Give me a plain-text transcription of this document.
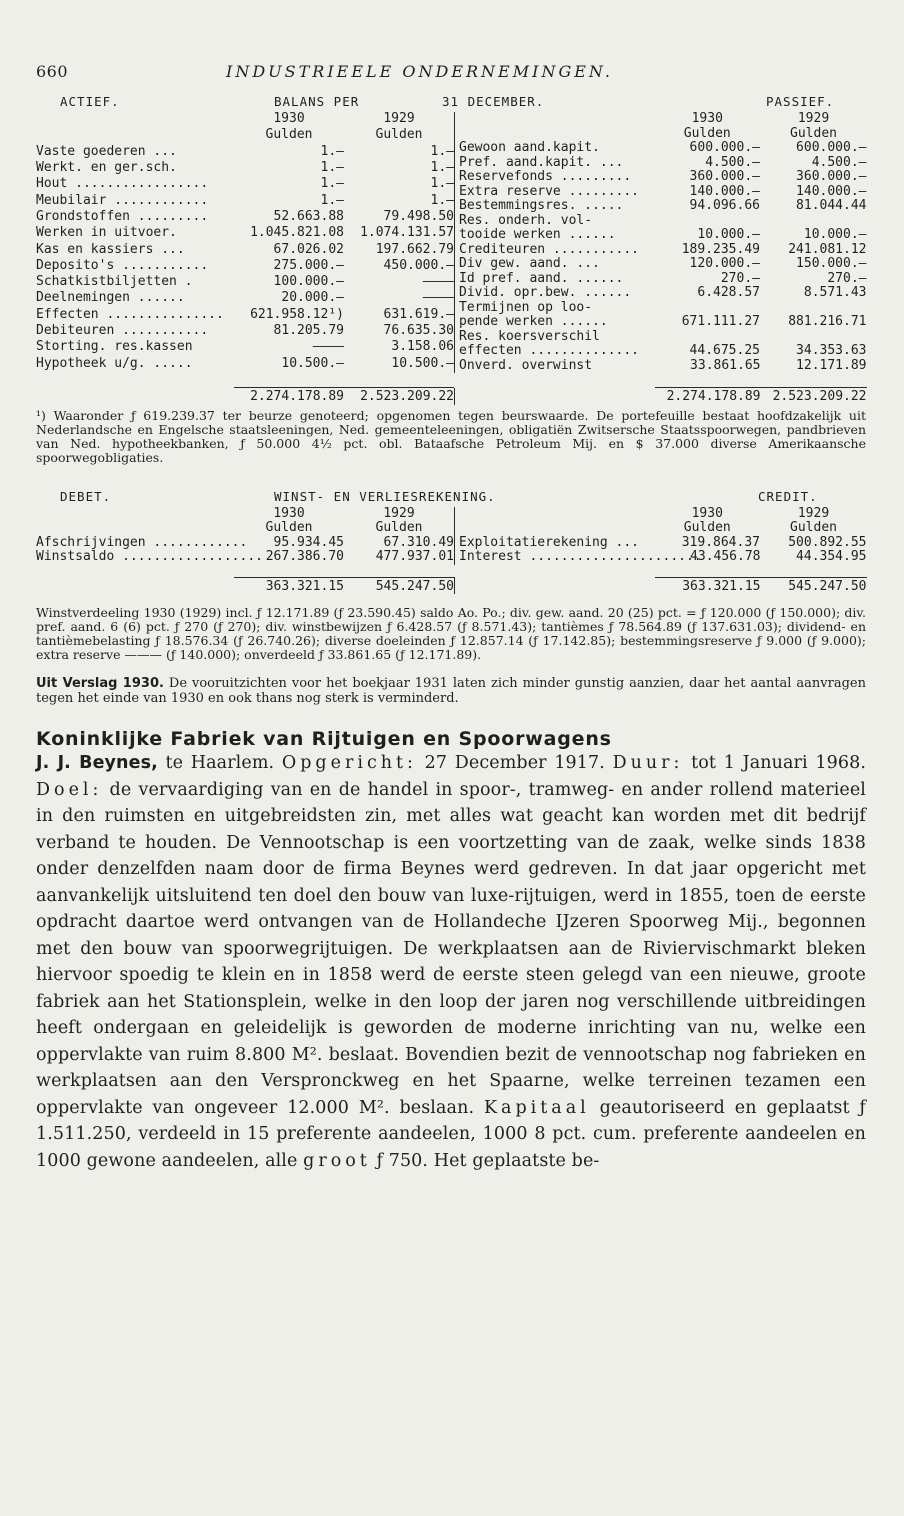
660	INDUSTRIEELE ONDERNEMINGEN.
ACTIEF.	BALANS PER	31 DECEMBER.	PASSIEF.
	1930	1929
	Gulden	Gulden
Vaste goederen ...	1.—	1.—
Werkt. en ger.sch.	1.—	1.—
Hout .................	1.—	1.—
Meubilair ............	1.—	1.—
Grondstoffen .........	52.663.88	79.498.50
Werken in uitvoer.	1.045.821.08	1.074.131.57
Kas en kassiers ...	67.026.02	197.662.79
Deposito's ...........	275.000.—	450.000.—
Schatkistbiljetten .	100.000.—	————
Deelnemingen ......	20.000.—	————
Effecten ...............	621.958.12¹)	631.619.—
Debiteuren ...........	81.205.79	76.635.30
Storting. res.kassen	————	3.158.06
Hypotheek u/g. .....	10.500.—	10.500.—
	1930	1929
	Gulden	Gulden
Gewoon aand.kapit.	600.000.—	600.000.—
Pref. aand.kapit. ...	4.500.—	4.500.—
Reservefonds .........	360.000.—	360.000.—
Extra reserve .........	140.000.—	140.000.—
Bestemmingsres. .....	94.096.66	81.044.44
Res. onderh. vol-		
tooide werken ......	10.000.—	10.000.—
Crediteuren ...........	189.235.49	241.081.12
Div gew. aand. ...	120.000.—	150.000.—
Id pref. aand. ......	270.—	270.—
Divid. opr.bew. ......	6.428.57	8.571.43
Termijnen op loo-		
pende werken ......	671.111.27	881.216.71
Res. koersverschil		
effecten ..............	44.675.25	34.353.63
Onverd. overwinst	33.861.65	12.171.89
	2.274.178.89	2.523.209.22
		2.274.178.89	2.523.209.22
¹) Waaronder ƒ 619.239.37 ter beurze genoteerd; opgenomen tegen beurswaarde. De portefeuille bestaat hoofdzakelijk uit Nederlandsche en Engelsche staatsleeningen, Ned. gemeenteleeningen, obligatiën Zwitsersche Staatsspoorwegen, pandbrieven van Ned. hypotheekbanken, ƒ 50.000 4½ pct. obl. Bataafsche Petroleum Mij. en $ 37.000 diverse Amerikaansche spoorwegobligaties.
DEBET.	WINST- EN VERLIESREKENING.	CREDIT.
	1930	1929
	Gulden	Gulden
Afschrijvingen ............	95.934.45	67.310.49
Winstsaldo ..................	267.386.70	477.937.01
	1930	1929
	Gulden	Gulden
Exploitatierekening ...	319.864.37	500.892.55
Interest ......................	43.456.78	44.354.95
	363.321.15	545.247.50
		363.321.15	545.247.50
Winstverdeeling 1930 (1929) incl. ƒ 12.171.89 (ƒ 23.590.45) saldo Ao. Po.; div. gew. aand. 20 (25) pct. = ƒ 120.000 (ƒ 150.000); div. pref. aand. 6 (6) pct. ƒ 270 (ƒ 270); div. winstbewijzen ƒ 6.428.57 (ƒ 8.571.43); tantièmes ƒ 78.564.89 (ƒ 137.631.03); dividend- en tantièmebelasting ƒ 18.576.34 (ƒ 26.740.26); diverse doeleinden ƒ 12.857.14 (ƒ 17.142.85); bestemmingsreserve ƒ 9.000 (ƒ 9.000); extra reserve ——— (ƒ 140.000); onverdeeld ƒ 33.861.65 (ƒ 12.171.89).
Uit Verslag 1930. De vooruitzichten voor het boekjaar 1931 laten zich minder gunstig aanzien, daar het aantal aanvragen tegen het einde van 1930 en ook thans nog sterk is verminderd.
Koninklijke Fabriek van Rijtuigen en Spoorwagens
J. J. Beynes, te Haarlem. Opgericht: 27 December 1917. Duur: tot 1 Januari 1968. Doel: de vervaardiging van en de handel in spoor-, tramweg- en ander rollend materieel in den ruimsten en uitgebreidsten zin, met alles wat geacht kan worden met dit bedrijf verband te houden. De Vennootschap is een voortzetting van de zaak, welke sinds 1838 onder denzelfden naam door de firma Beynes werd gedreven. In dat jaar opgericht met aanvankelijk uitsluitend ten doel den bouw van luxe-rijtuigen, werd in 1855, toen de eerste opdracht daartoe werd ontvangen van de Hollandeche IJzeren Spoorweg Mij., begonnen met den bouw van spoorwegrijtuigen. De werkplaatsen aan de Riviervischmarkt bleken hiervoor spoedig te klein en in 1858 werd de eerste steen gelegd van een nieuwe, groote fabriek aan het Stationsplein, welke in den loop der jaren nog verschillende uitbreidingen heeft ondergaan en geleidelijk is geworden de moderne inrichting van nu, welke een oppervlakte van ruim 8.800 M². beslaat. Bovendien bezit de vennootschap nog fabrieken en werkplaatsen aan den Verspronckweg en het Spaarne, welke terreinen tezamen een oppervlakte van ongeveer 12.000 M². beslaan. Kapitaal geautoriseerd en geplaatst ƒ 1.511.250, verdeeld in 15 preferente aandeelen, 1000 8 pct. cum. preferente aandeelen en 1000 gewone aandeelen, alle groot ƒ 750. Het geplaatste be-
